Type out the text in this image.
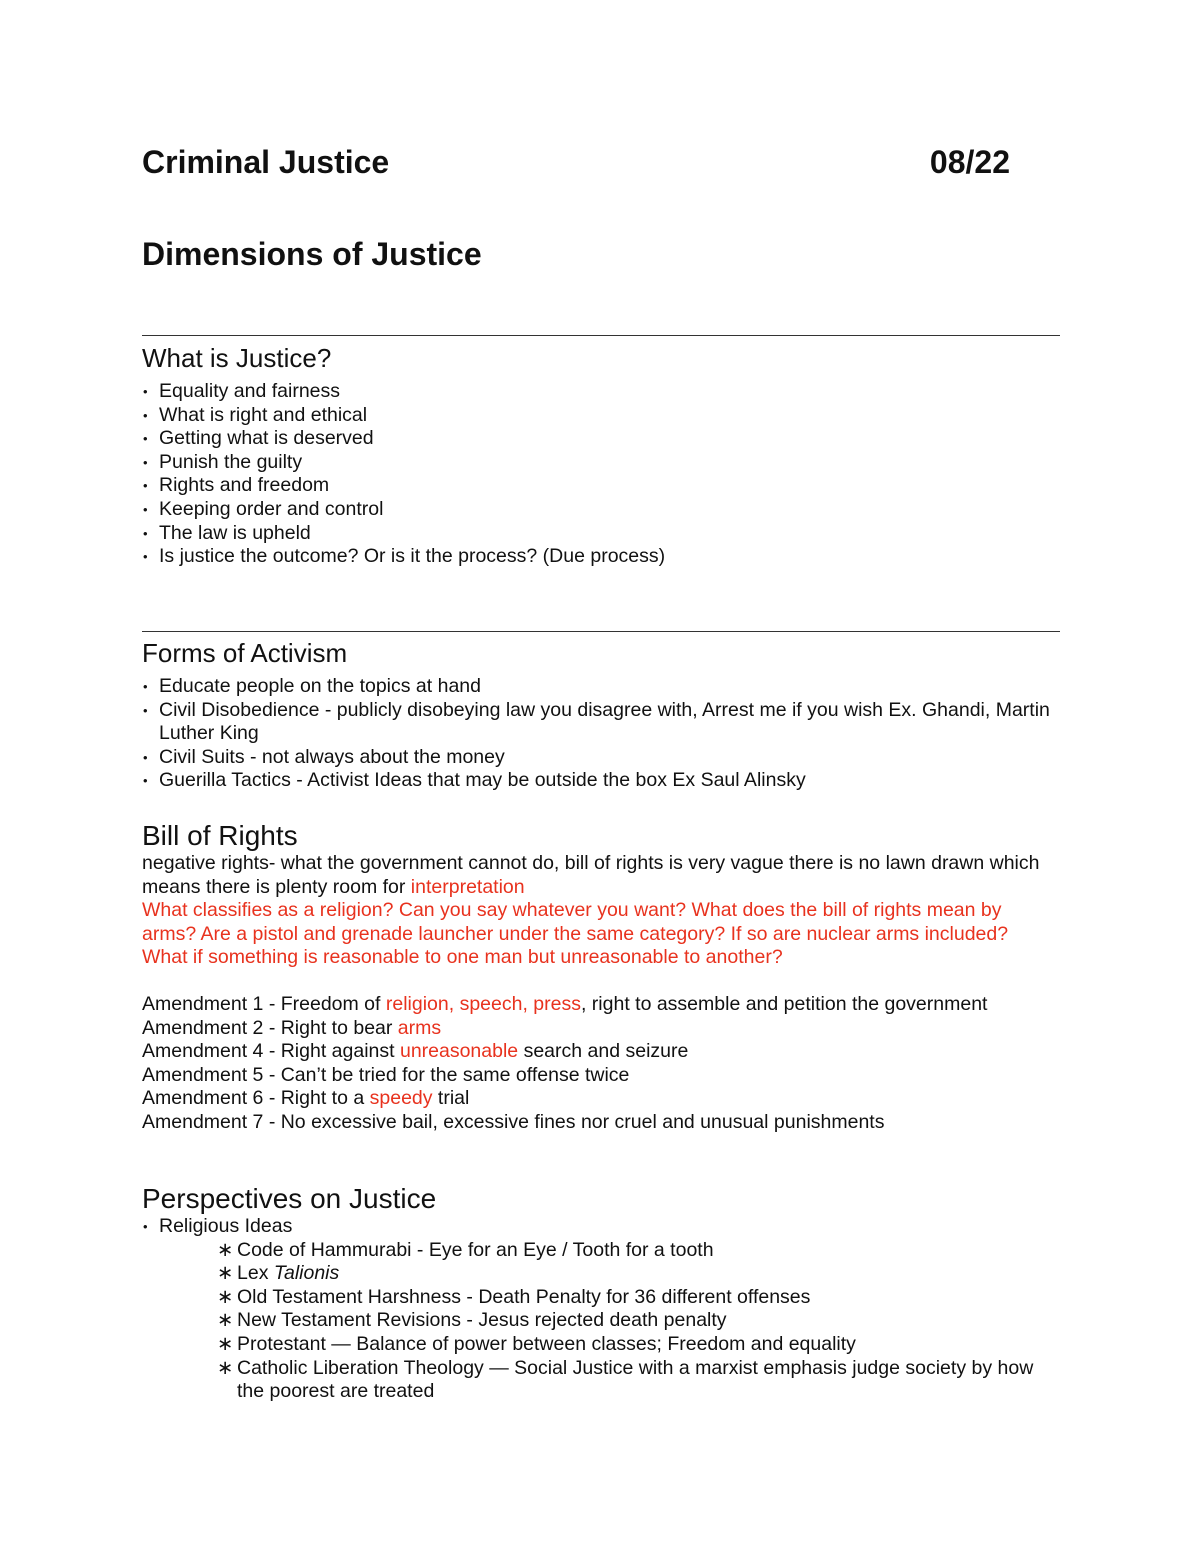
Criminal Justice	08/22
Dimensions of Justice
What is Justice?
• Equality and fairness
• What is right and ethical
• Getting what is deserved
• Punish the guilty
• Rights and freedom
• Keeping order and control
• The law is upheld
• Is justice the outcome? Or is it the process? (Due process)
Forms of Activism
• Educate people on the topics at hand
• Civil Disobedience - publicly disobeying law you disagree with, Arrest me if you wish Ex. Ghandi, Martin Luther King
• Civil Suits - not always about the money
• Guerilla Tactics - Activist Ideas that may be outside the box Ex Saul Alinsky
Bill of Rights

negative rights- what the government cannot do, bill of rights is very vague there is no lawn drawn which means there is plenty room for interpretation

What classifies as a religion? Can you say whatever you want? What does the bill of rights mean by arms? Are a pistol and grenade launcher under the same category? If so are nuclear arms included? What if something is reasonable to one man but unreasonable to another?

Amendment 1 - Freedom of religion, speech, press, right to assemble and petition the government
Amendment 2 - Right to bear arms
Amendment 4 - Right against unreasonable search and seizure
Amendment 5 - Can’t be tried for the same offense twice
Amendment 6 - Right to a speedy trial
Amendment 7 - No excessive bail, excessive fines nor cruel and unusual punishments
Perspectives on Justice
• Religious Ideas
∗ Code of Hammurabi - Eye for an Eye / Tooth for a tooth
∗ Lex Talionis
∗ Old Testament Harshness - Death Penalty for 36 different offenses
∗ New Testament Revisions - Jesus rejected death penalty
∗ Protestant — Balance of power between classes; Freedom and equality
∗ Catholic Liberation Theology — Social Justice with a marxist emphasis judge society by how the poorest are treated
